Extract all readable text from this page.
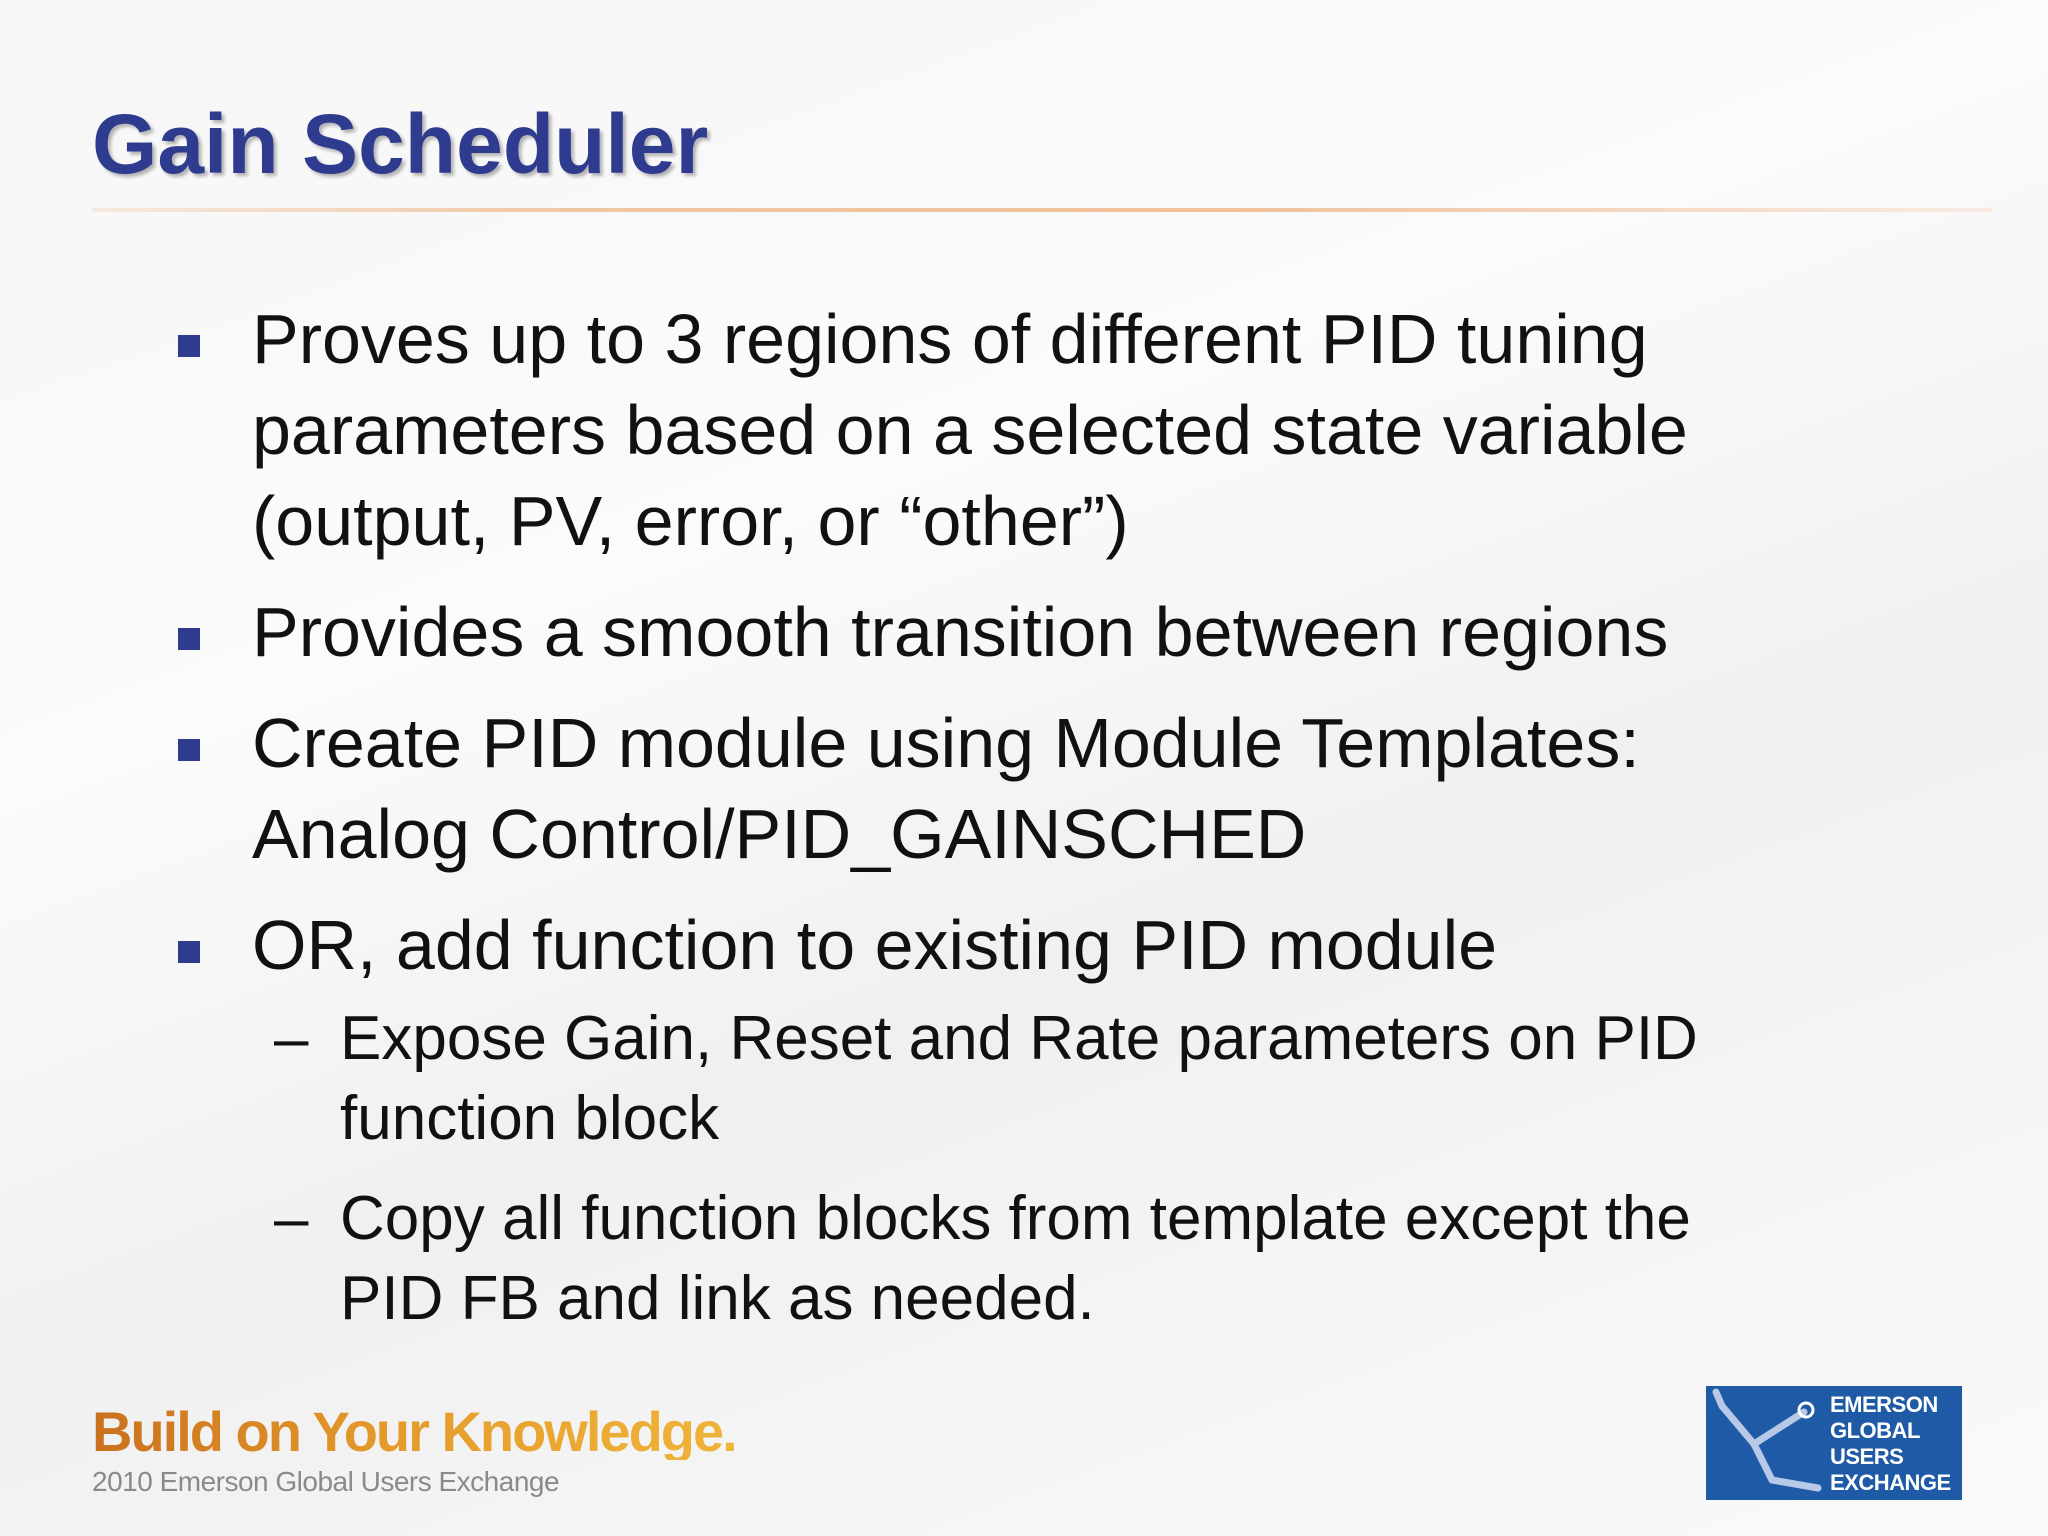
Gain Scheduler
Proves up to 3 regions of different PID tuning
parameters based on a selected state variable
(output, PV, error, or “other”)
Provides a smooth transition between regions
Create PID module using Module Templates:
Analog Control/PID_GAINSCHED
OR, add function to existing PID module
– Expose Gain, Reset and Rate parameters on PID
function block
– Copy all function blocks from template except the
PID FB and link as needed.
Build on Your Knowledge.
2010 Emerson Global Users Exchange
EMERSON
GLOBAL
USERS
EXCHANGE
